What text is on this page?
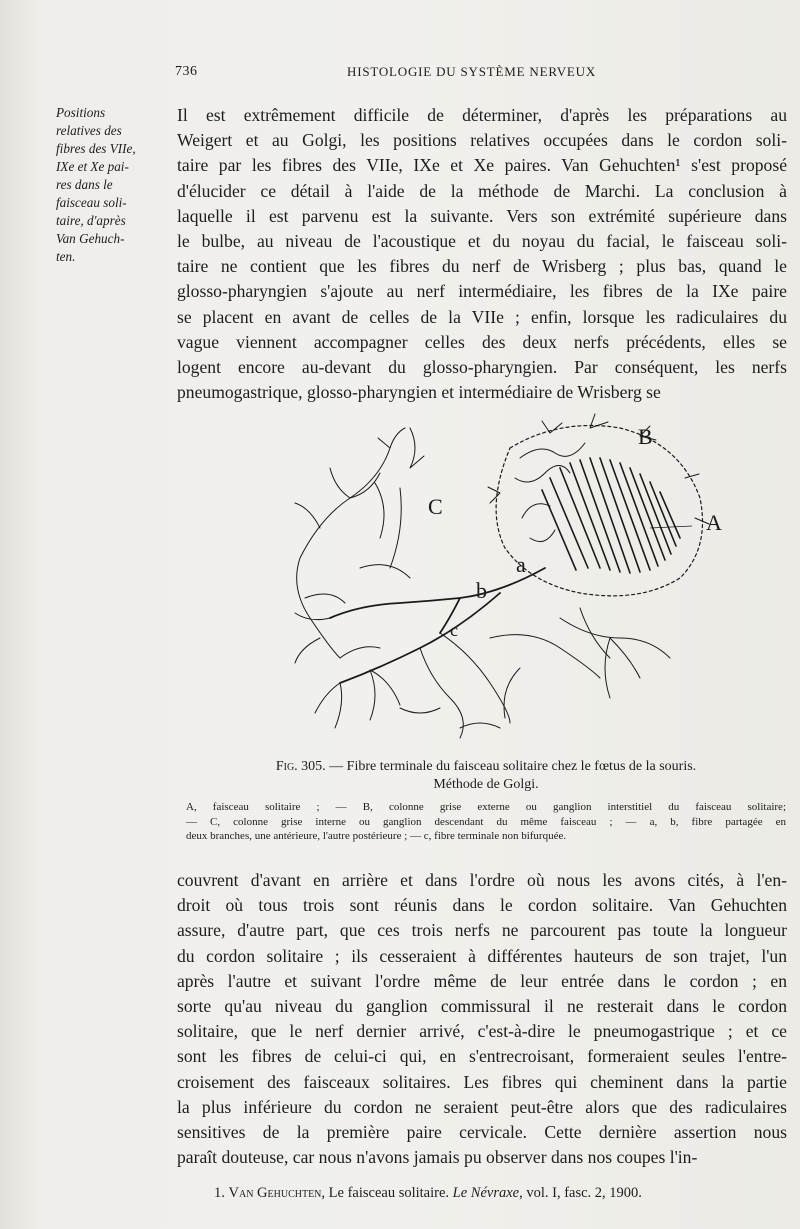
736	HISTOLOGIE DU SYSTÈME NERVEUX
Positions
relatives des
fibres des VIIe,
IXe et Xe pai-
res dans le
faisceau soli-
taire, d'après
Van Gehuch-
ten.
Il est extrêmement difficile de déterminer, d'après les préparations au
Weigert et au Golgi, les positions relatives occupées dans le cordon soli-
taire par les fibres des VIIe, IXe et Xe paires. Van Gehuchten¹ s'est proposé
d'élucider ce détail à l'aide de la méthode de Marchi. La conclusion à
laquelle il est parvenu est la suivante. Vers son extrémité supérieure dans
le bulbe, au niveau de l'acoustique et du noyau du facial, le faisceau soli-
taire ne contient que les fibres du nerf de Wrisberg ; plus bas, quand le
glosso-pharyngien s'ajoute au nerf intermédiaire, les fibres de la IXe paire
se placent en avant de celles de la VIIe ; enfin, lorsque les radiculaires du
vague viennent accompagner celles des deux nerfs précédents, elles se
logent encore au-devant du glosso-pharyngien. Par conséquent, les nerfs
pneumogastrique, glosso-pharyngien et intermédiaire de Wrisberg se
B
A
C
a
b
c
Fig. 305. — Fibre terminale du faisceau solitaire chez le fœtus de la souris.
Méthode de Golgi.
A, faisceau solitaire ; — B, colonne grise externe ou ganglion interstitiel du faisceau solitaire;
— C, colonne grise interne ou ganglion descendant du même faisceau ; — a, b, fibre partagée en
deux branches, une antérieure, l'autre postérieure ; — c, fibre terminale non bifurquée.
couvrent d'avant en arrière et dans l'ordre où nous les avons cités, à l'en-
droit où tous trois sont réunis dans le cordon solitaire. Van Gehuchten
assure, d'autre part, que ces trois nerfs ne parcourent pas toute la longueur
du cordon solitaire ; ils cesseraient à différentes hauteurs de son trajet, l'un
après l'autre et suivant l'ordre même de leur entrée dans le cordon ; en
sorte qu'au niveau du ganglion commissural il ne resterait dans le cordon
solitaire, que le nerf dernier arrivé, c'est-à-dire le pneumogastrique ; et ce
sont les fibres de celui-ci qui, en s'entrecroisant, formeraient seules l'entre-
croisement des faisceaux solitaires. Les fibres qui cheminent dans la partie
la plus inférieure du cordon ne seraient peut-être alors que des radiculaires
sensitives de la première paire cervicale. Cette dernière assertion nous
paraît douteuse, car nous n'avons jamais pu observer dans nos coupes l'in-
1. Van Gehuchten, Le faisceau solitaire. Le Névraxe, vol. I, fasc. 2, 1900.
